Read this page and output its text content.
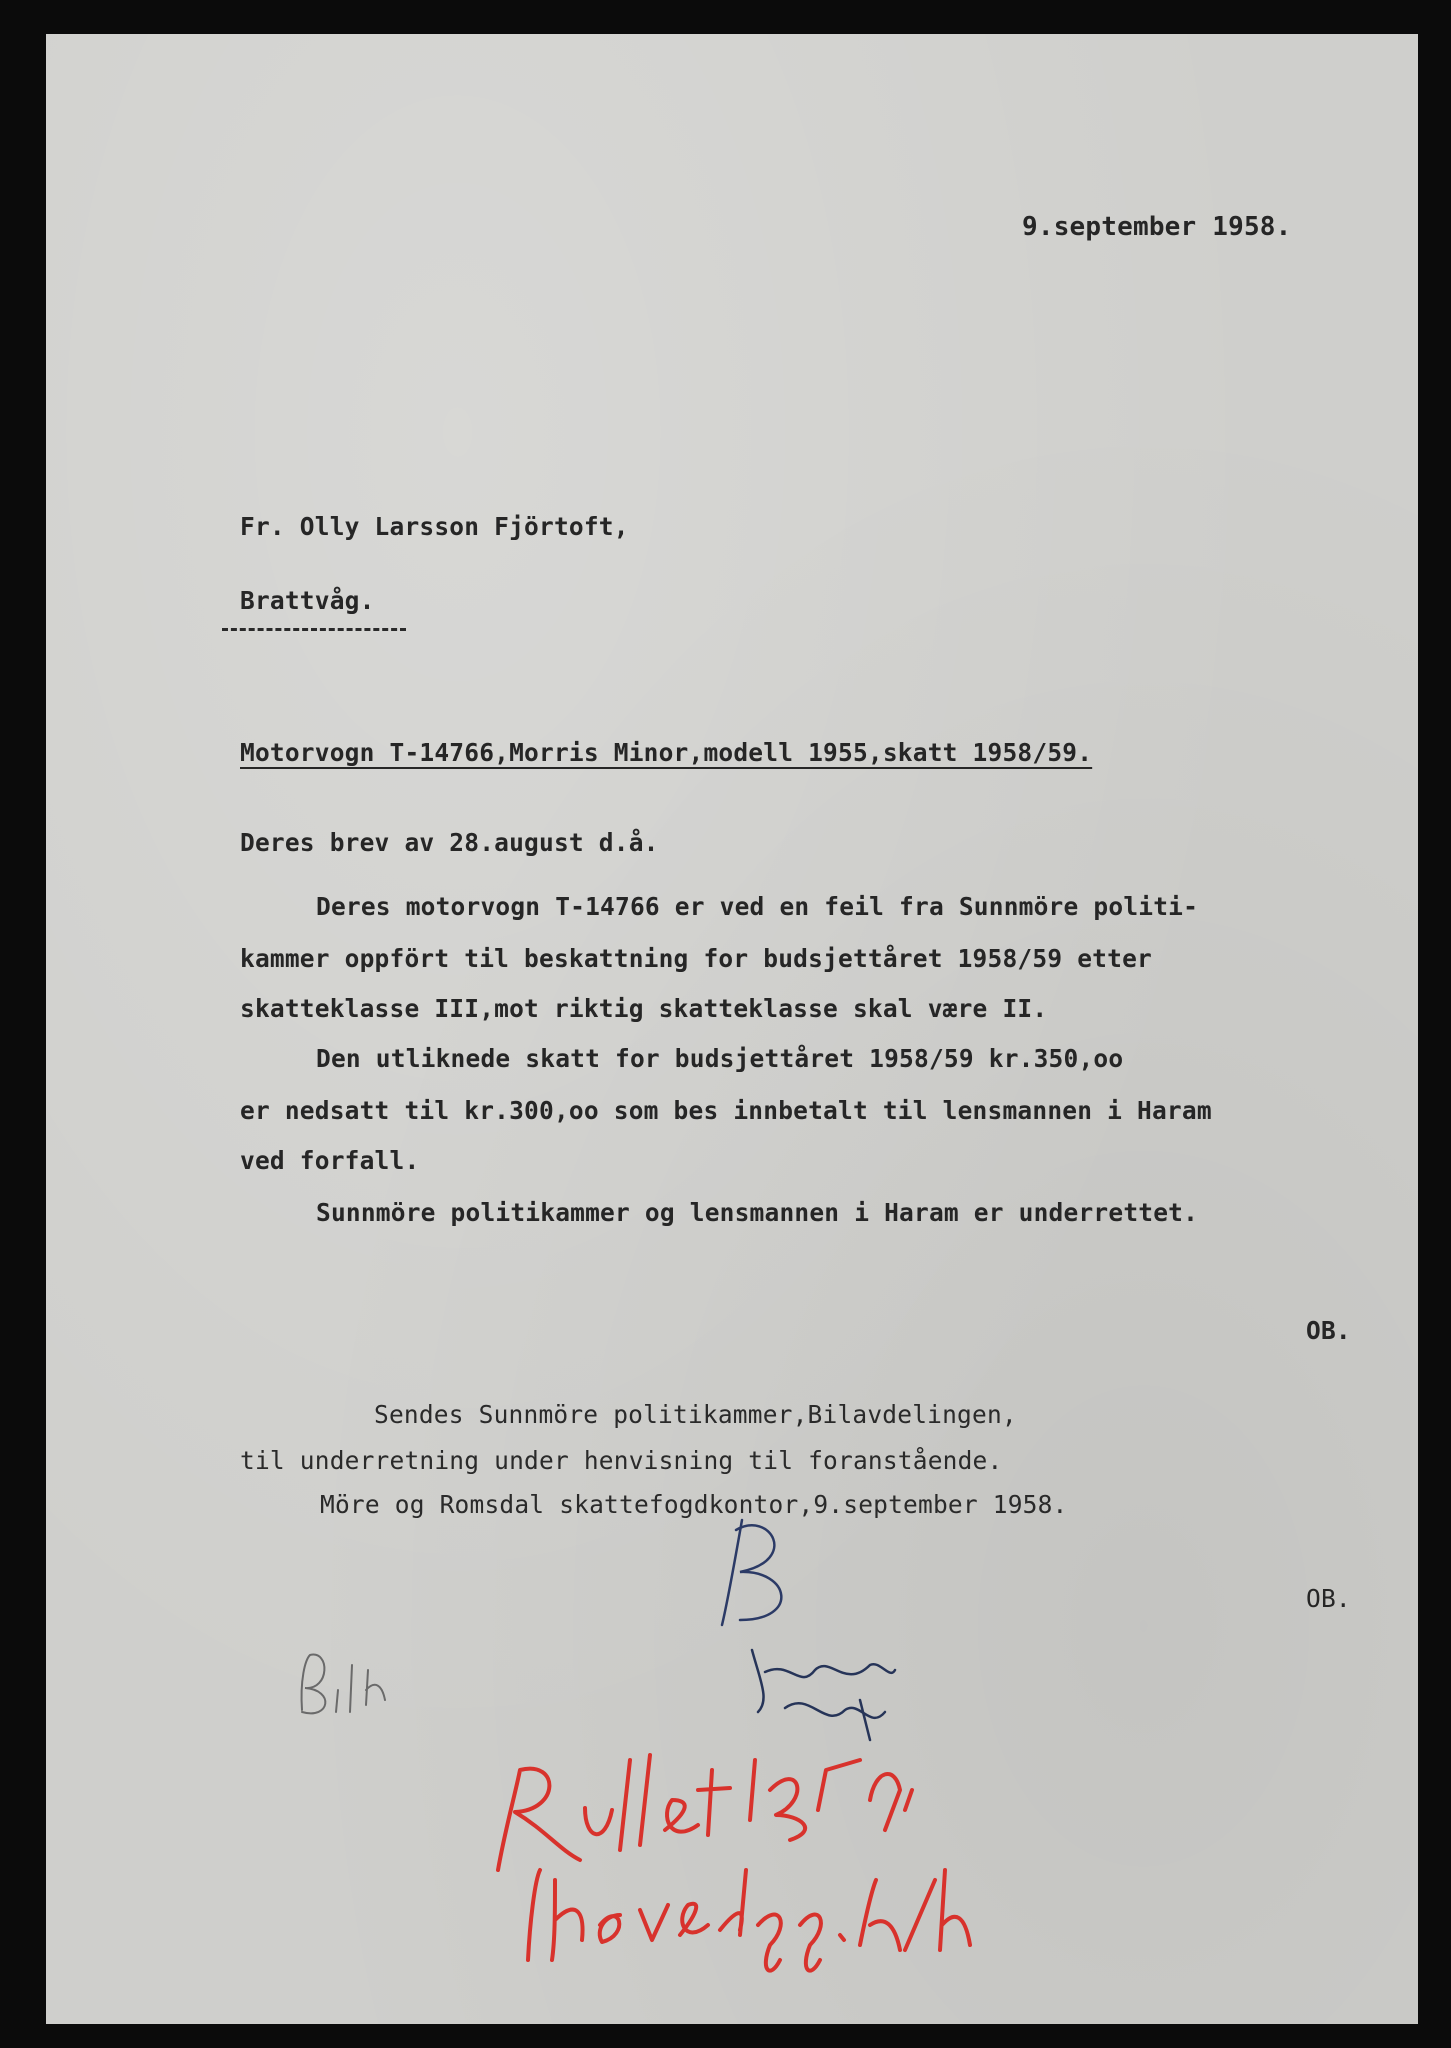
9.september 1958.
Fr. Olly Larsson Fjörtoft,
Brattvåg.
Motorvogn T-14766,Morris Minor,modell 1955,skatt 1958/59.
Deres brev av 28.august d.å.
Deres motorvogn T-14766 er ved en feil fra Sunnmöre politi-
kammer oppfört til beskattning for budsjettåret 1958/59 etter
skatteklasse III,mot riktig skatteklasse skal være II.
Den utliknede skatt for budsjettåret 1958/59 kr.350,oo
er nedsatt til kr.300,oo som bes innbetalt til lensmannen i Haram
ved forfall.
Sunnmöre politikammer og lensmannen i Haram er underrettet.
OB.
Sendes Sunnmöre politikammer,Bilavdelingen,
til underretning under henvisning til foranstående.
Möre og Romsdal skattefogdkontor,9.september 1958.
OB.
